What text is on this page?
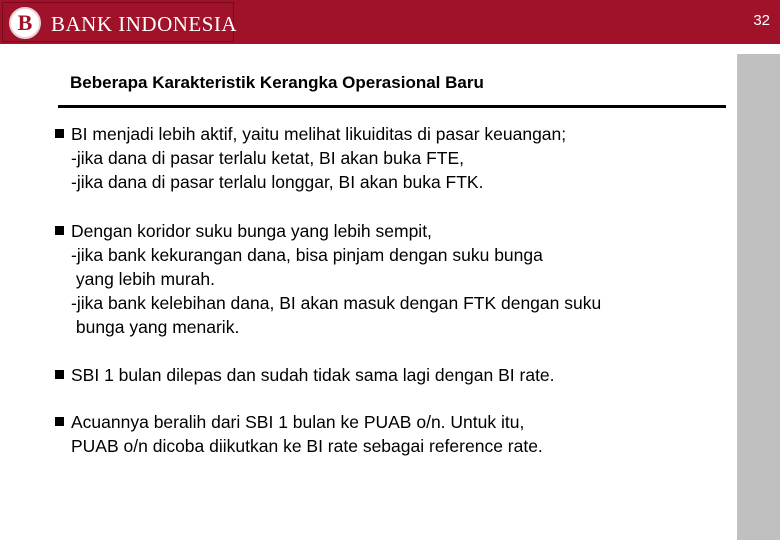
B BANK INDONESIA	32
Beberapa Karakteristik Kerangka Operasional Baru
BI menjadi lebih aktif, yaitu melihat likuiditas di pasar keuangan;
-jika dana di pasar terlalu ketat, BI akan buka FTE,
-jika dana di pasar terlalu longgar, BI akan buka FTK.
Dengan koridor suku bunga yang lebih sempit,
-jika bank kekurangan dana, bisa pinjam dengan suku bunga
yang lebih murah.
-jika bank kelebihan dana, BI akan masuk dengan FTK dengan suku
bunga yang menarik.
SBI 1 bulan dilepas dan sudah tidak sama lagi dengan BI rate.
Acuannya beralih dari SBI 1 bulan ke PUAB o/n. Untuk itu,
PUAB o/n dicoba diikutkan ke BI rate sebagai reference rate.
